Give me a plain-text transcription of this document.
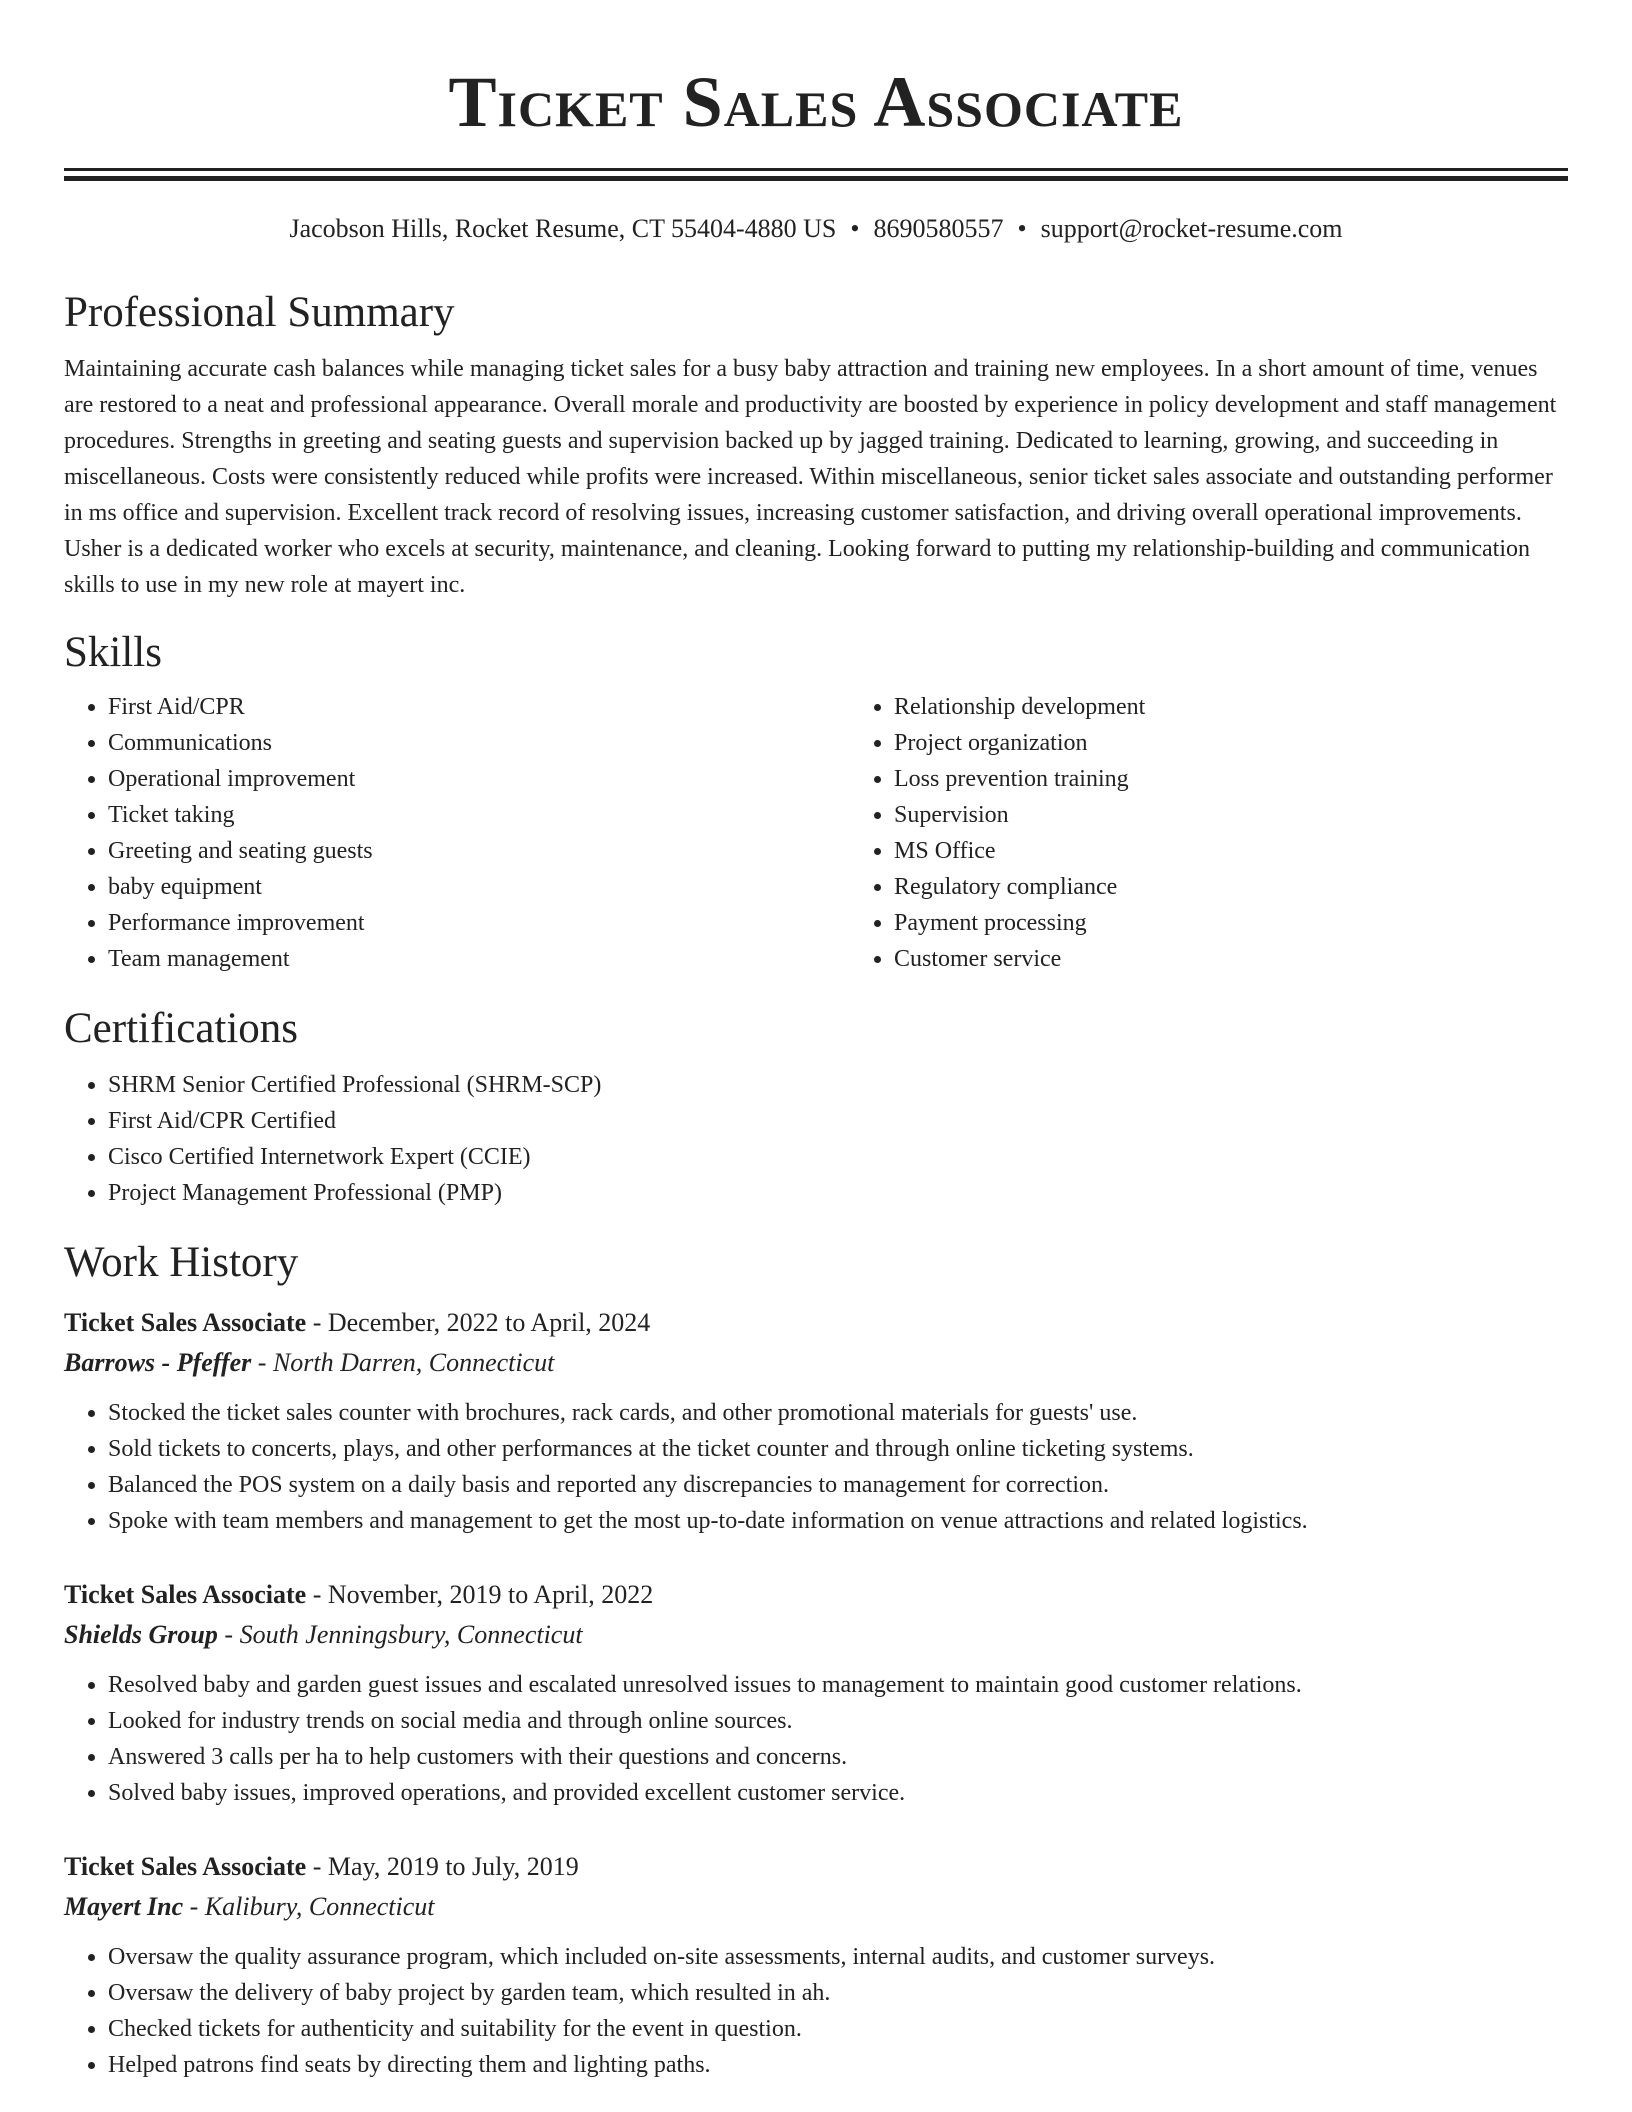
Ticket Sales Associate
Jacobson Hills, Rocket Resume, CT 55404-4880 US • 8690580557 • support@rocket-resume.com
Professional Summary

Maintaining accurate cash balances while managing ticket sales for a busy baby attraction and training new employees. In a short amount of time, venues are restored to a neat and professional appearance. Overall morale and productivity are boosted by experience in policy development and staff management procedures. Strengths in greeting and seating guests and supervision backed up by jagged training. Dedicated to learning, growing, and succeeding in miscellaneous. Costs were consistently reduced while profits were increased. Within miscellaneous, senior ticket sales associate and outstanding performer in ms office and supervision. Excellent track record of resolving issues, increasing customer satisfaction, and driving overall operational improvements. Usher is a dedicated worker who excels at security, maintenance, and cleaning. Looking forward to putting my relationship-building and communication skills to use in my new role at mayert inc.

Skills
• First Aid/CPR
• Communications
• Operational improvement
• Ticket taking
• Greeting and seating guests
• baby equipment
• Performance improvement
• Team management
• Relationship development
• Project organization
• Loss prevention training
• Supervision
• MS Office
• Regulatory compliance
• Payment processing
• Customer service
Certifications
• SHRM Senior Certified Professional (SHRM-SCP)
• First Aid/CPR Certified
• Cisco Certified Internetwork Expert (CCIE)
• Project Management Professional (PMP)
Work History
Ticket Sales Associate - December, 2022 to April, 2024
Barrows - Pfeffer - North Darren, Connecticut
• Stocked the ticket sales counter with brochures, rack cards, and other promotional materials for guests' use.
• Sold tickets to concerts, plays, and other performances at the ticket counter and through online ticketing systems.
• Balanced the POS system on a daily basis and reported any discrepancies to management for correction.
• Spoke with team members and management to get the most up-to-date information on venue attractions and related logistics.
Ticket Sales Associate - November, 2019 to April, 2022
Shields Group - South Jenningsbury, Connecticut
• Resolved baby and garden guest issues and escalated unresolved issues to management to maintain good customer relations.
• Looked for industry trends on social media and through online sources.
• Answered 3 calls per ha to help customers with their questions and concerns.
• Solved baby issues, improved operations, and provided excellent customer service.
Ticket Sales Associate - May, 2019 to July, 2019
Mayert Inc - Kalibury, Connecticut
• Oversaw the quality assurance program, which included on-site assessments, internal audits, and customer surveys.
• Oversaw the delivery of baby project by garden team, which resulted in ah.
• Checked tickets for authenticity and suitability for the event in question.
• Helped patrons find seats by directing them and lighting paths.
